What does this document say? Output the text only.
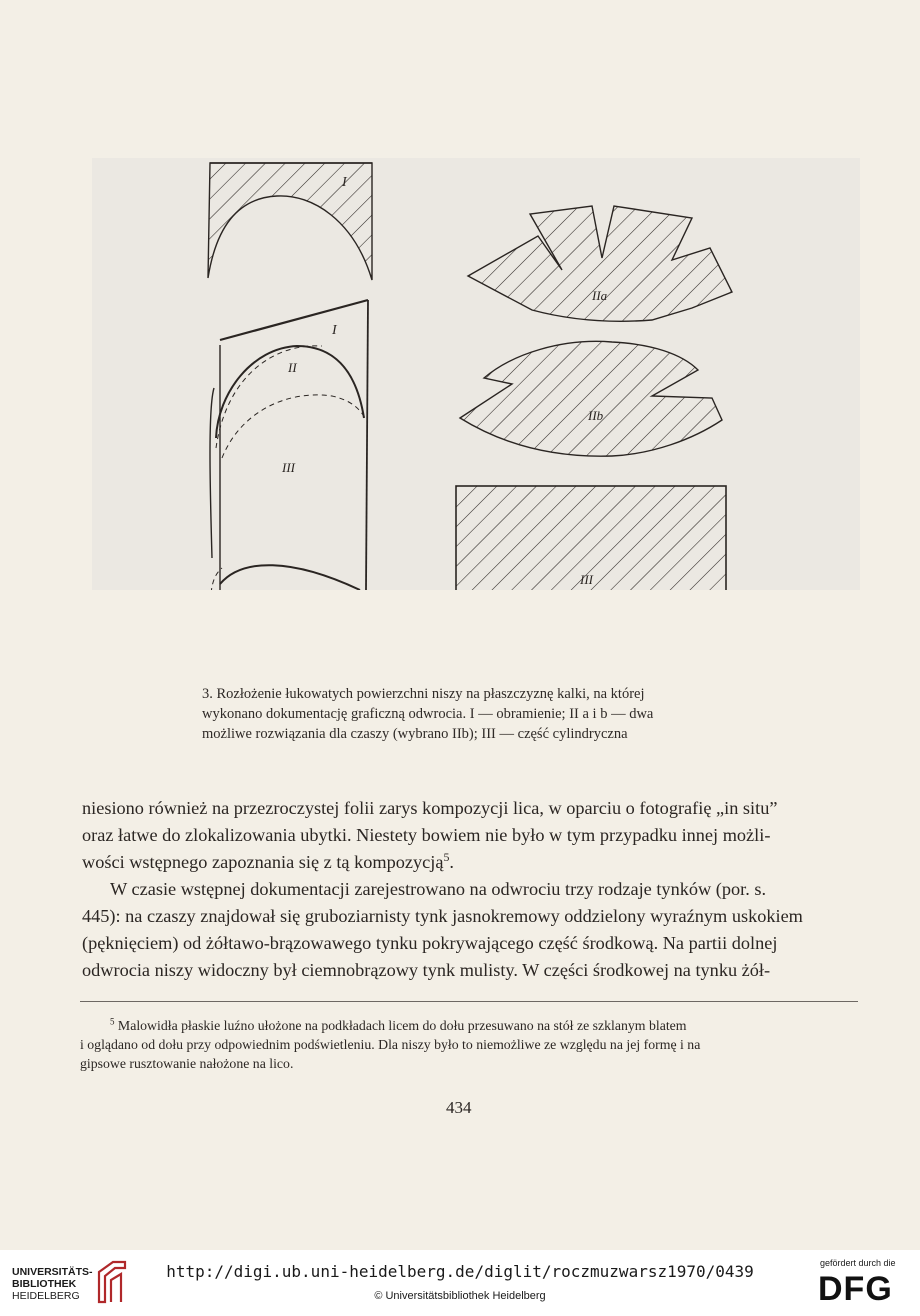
I
I
II
III
IIa
IIb
III
3. Rozłożenie łukowatych powierzchni niszy na płaszczyznę kalki, na której
wykonano dokumentację graficzną odwrocia. I — obramienie; II a i b — dwa
możliwe rozwiązania dla czaszy (wybrano IIb); III — część cylindryczna
niesiono również na przezroczystej folii zarys kompozycji lica, w oparciu o fotografię „in situ”
oraz łatwe do zlokalizowania ubytki. Niestety bowiem nie było w tym przypadku innej możli-
wości wstępnego zapoznania się z tą kompozycją$^5$.
W czasie wstępnej dokumentacji zarejestrowano na odwrociu trzy rodzaje tynków (por. s.
445): na czaszy znajdował się gruboziarnisty tynk jasnokremowy oddzielony wyraźnym uskokiem
(pęknięciem) od żółtawo-brązowawego tynku pokrywającego część środkową. Na partii dolnej
odwrocia niszy widoczny był ciemnobrązowy tynk mulisty. W części środkowej na tynku żół-
$^5$ Malowidła płaskie luźno ułożone na podkładach licem do dołu przesuwano na stół ze szklanym blatem
i oglądano od dołu przy odpowiednim podświetleniu. Dla niszy było to niemożliwe ze względu na jej formę i na
gipsowe rusztowanie nałożone na lico.
434
UNIVERSITÄTS-
BIBLIOTHEK
HEIDELBERG
http://digi.ub.uni-heidelberg.de/diglit/roczmuzwarsz1970/0439
© Universitätsbibliothek Heidelberg
gefördert durch die
DFG
